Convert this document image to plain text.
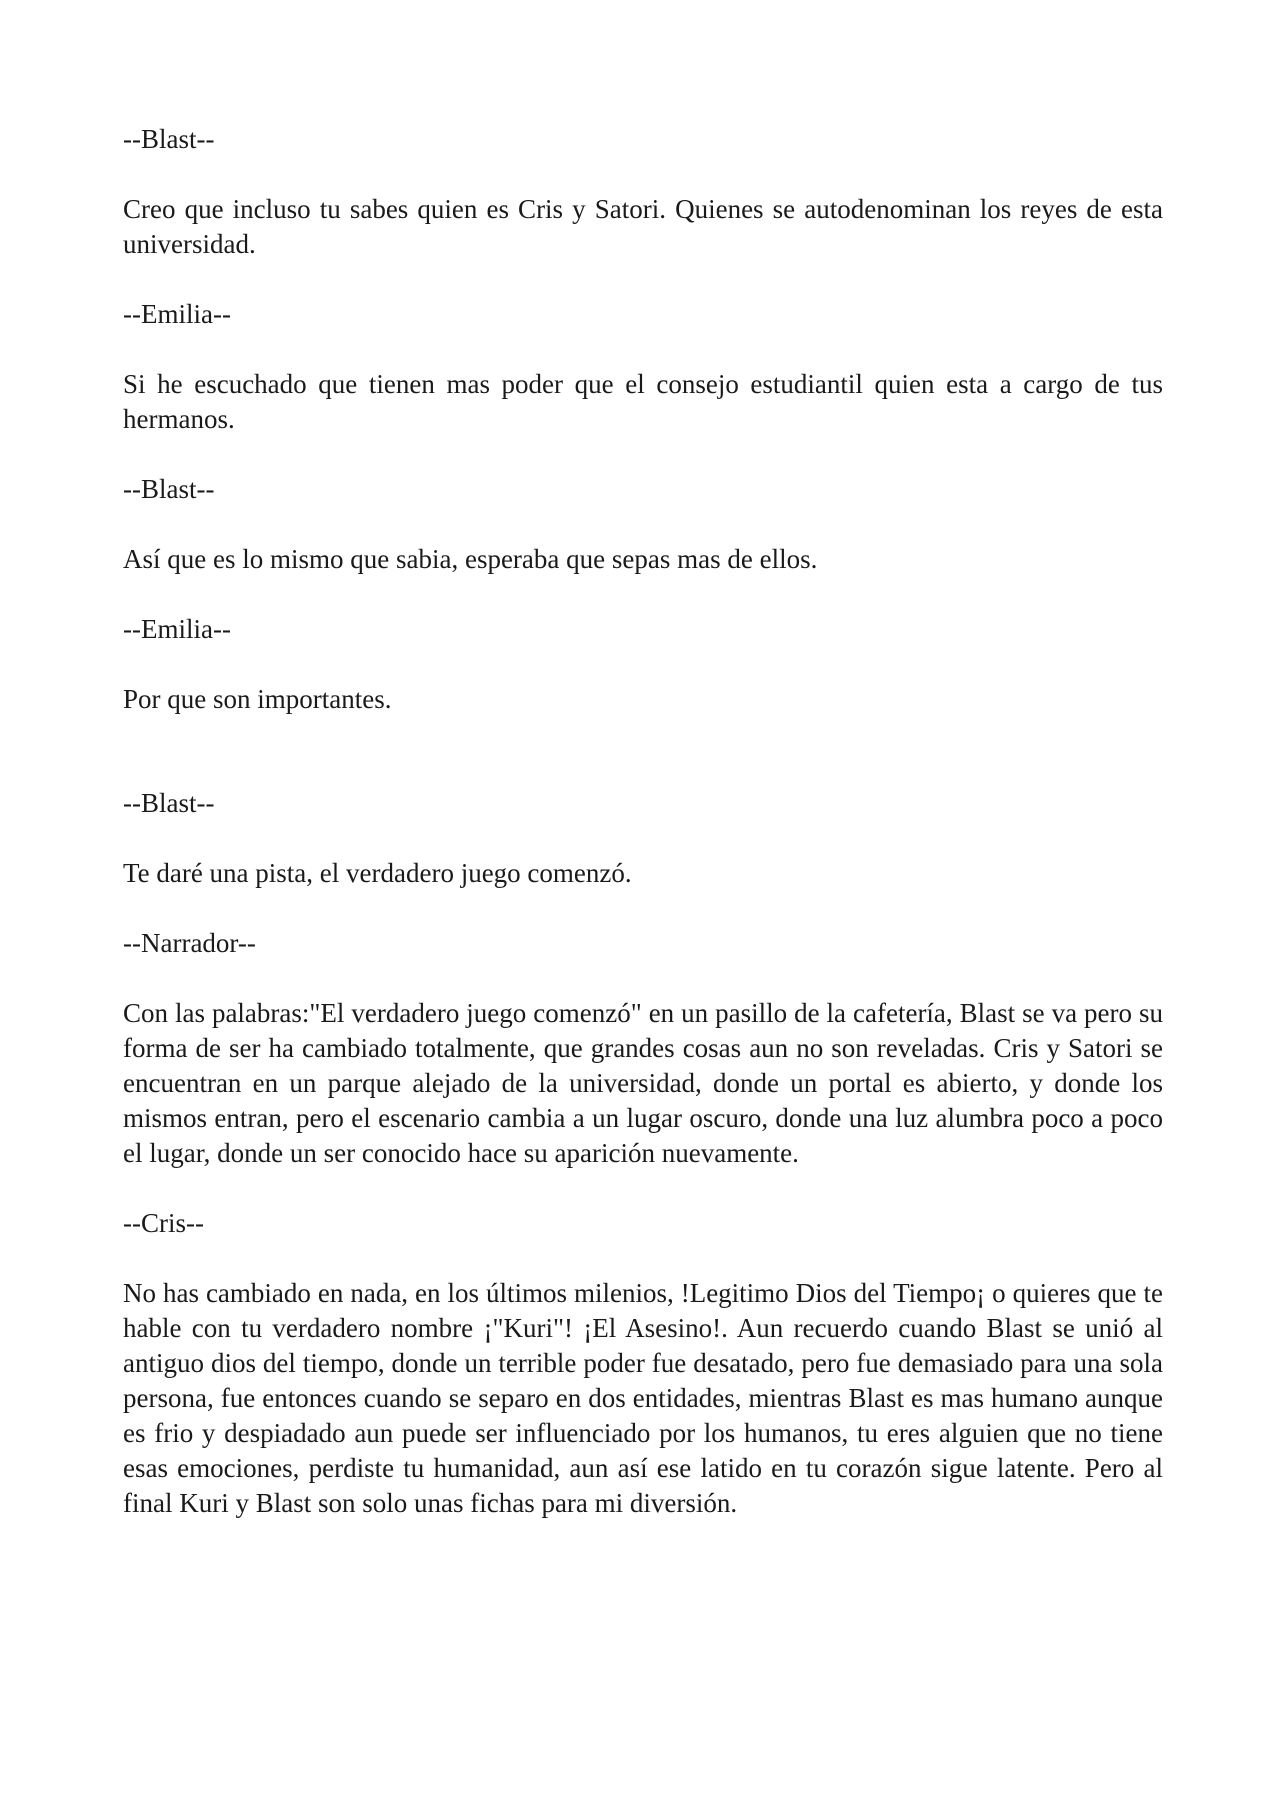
--Blast--

Creo que incluso tu sabes quien es Cris y Satori. Quienes se autodenominan los reyes de esta universidad.

--Emilia--

Si he escuchado que tienen mas poder que el consejo estudiantil quien esta a cargo de tus hermanos.

--Blast--

Así que es lo mismo que sabia, esperaba que sepas mas de ellos.

--Emilia--

Por que son importantes.

--Blast--

Te daré una pista, el verdadero juego comenzó.

--Narrador--

Con las palabras:"El verdadero juego comenzó" en un pasillo de la cafetería, Blast se va pero su forma de ser ha cambiado totalmente, que grandes cosas aun no son reveladas. Cris y Satori se encuentran en un parque alejado de la universidad, donde un portal es abierto, y donde los mismos entran, pero el escenario cambia a un lugar oscuro, donde una luz alumbra poco a poco el lugar, donde un ser conocido hace su aparición nuevamente.

--Cris--

No has cambiado en nada, en los últimos milenios, !Legitimo Dios del Tiempo¡ o quieres que te hable con tu verdadero nombre ¡"Kuri"! ¡El Asesino!. Aun recuerdo cuando Blast se unió al antiguo dios del tiempo, donde un terrible poder fue desatado, pero fue demasiado para una sola persona, fue entonces cuando se separo en dos entidades, mientras Blast es mas humano aunque es frio y despiadado aun puede ser influenciado por los humanos, tu eres alguien que no tiene esas emociones, perdiste tu humanidad, aun así ese latido en tu corazón sigue latente. Pero al final Kuri y Blast son solo unas fichas para mi diversión.
